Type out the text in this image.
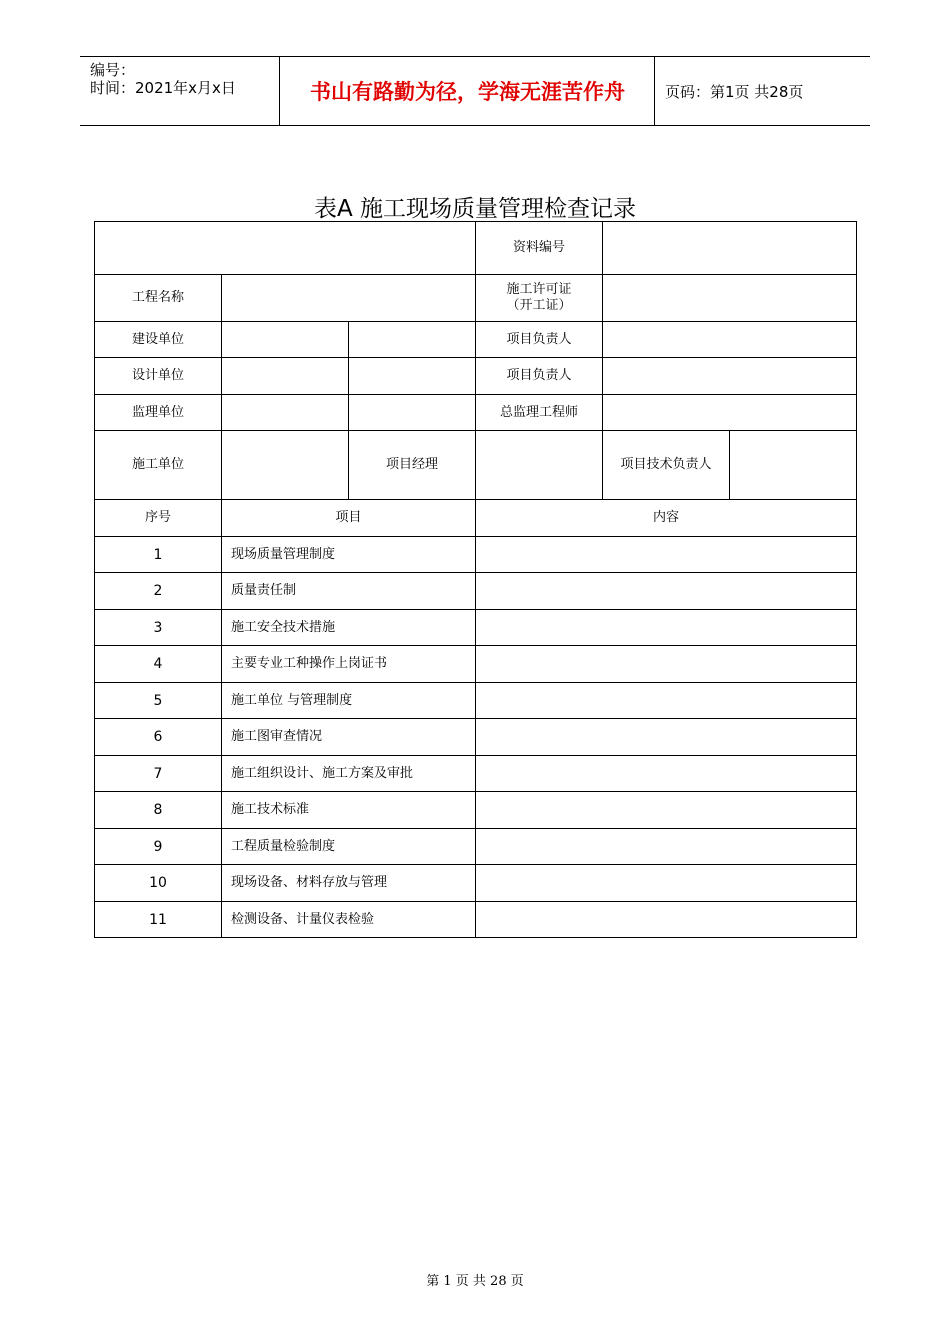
编号：
时间：2021年x月x日	书山有路勤为径，学海无涯苦作舟	页码：第1页 共28页
表A 施工现场质量管理检查记录
			资料编号		
工程名称			施工许可证
（开工证）		

建设单位			项目负责人		
设计单位			项目负责人		
监理单位			总监理工程师		
施工单位		项目经理		项目技术负责人	
序号	项目		内容		
1	现场质量管理制度				
2	质量责任制				
3	施工安全技术措施				
4	主要专业工种操作上岗证书				
5	施工单位 与管理制度				
6	施工图审查情况				
7	施工组织设计、施工方案及审批				
8	施工技术标准				
9	工程质量检验制度				
10	现场设备、材料存放与管理				
11	检测设备、计量仪表检验				
第 1 页 共 28 页
